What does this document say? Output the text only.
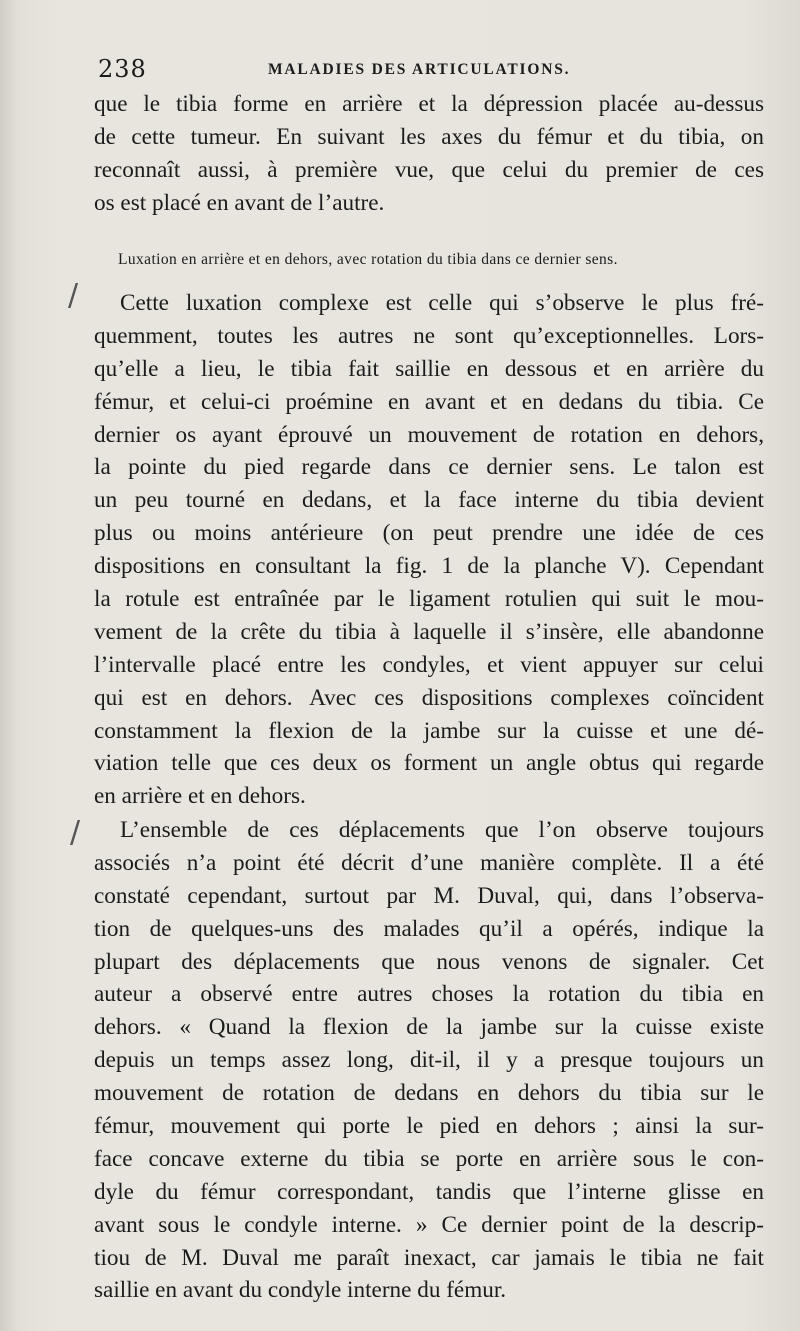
238	MALADIES DES ARTICULATIONS.
que le tibia forme en arrière et la dépression placée au-dessus
de cette tumeur. En suivant les axes du fémur et du tibia, on
reconnaît aussi, à première vue, que celui du premier de ces
os est placé en avant de l’autre.
Luxation en arrière et en dehors, avec rotation du tibia dans ce dernier sens.
/	Cette luxation complexe est celle qui s’observe le plus fré-
quemment, toutes les autres ne sont qu’exceptionnelles. Lors-
qu’elle a lieu, le tibia fait saillie en dessous et en arrière du
fémur, et celui-ci proémine en avant et en dedans du tibia. Ce
dernier os ayant éprouvé un mouvement de rotation en dehors,
la pointe du pied regarde dans ce dernier sens. Le talon est
un peu tourné en dedans, et la face interne du tibia devient
plus ou moins antérieure (on peut prendre une idée de ces
dispositions en consultant la fig. 1 de la planche V). Cependant
la rotule est entraînée par le ligament rotulien qui suit le mou-
vement de la crête du tibia à laquelle il s’insère, elle abandonne
l’intervalle placé entre les condyles, et vient appuyer sur celui
qui est en dehors. Avec ces dispositions complexes coïncident
constamment la flexion de la jambe sur la cuisse et une dé-
viation telle que ces deux os forment un angle obtus qui regarde
en arrière et en dehors.
/	L’ensemble de ces déplacements que l’on observe toujours
associés n’a point été décrit d’une manière complète. Il a été
constaté cependant, surtout par M. Duval, qui, dans l’observa-
tion de quelques-uns des malades qu’il a opérés, indique la
plupart des déplacements que nous venons de signaler. Cet
auteur a observé entre autres choses la rotation du tibia en
dehors. « Quand la flexion de la jambe sur la cuisse existe
depuis un temps assez long, dit-il, il y a presque toujours un
mouvement de rotation de dedans en dehors du tibia sur le
fémur, mouvement qui porte le pied en dehors ; ainsi la sur-
face concave externe du tibia se porte en arrière sous le con-
dyle du fémur correspondant, tandis que l’interne glisse en
avant sous le condyle interne. » Ce dernier point de la descrip-
tiou de M. Duval me paraît inexact, car jamais le tibia ne fait
saillie en avant du condyle interne du fémur.
